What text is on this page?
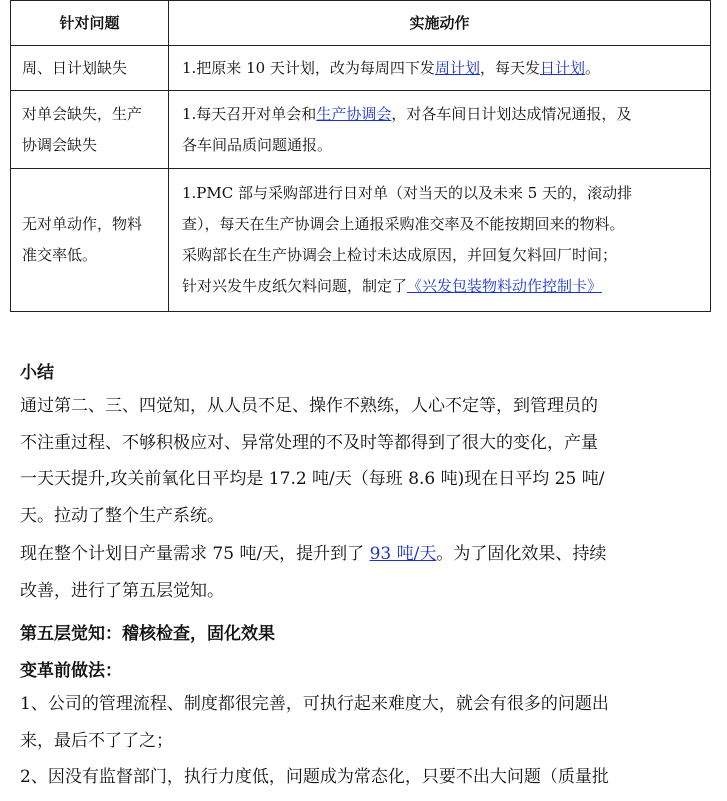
针对问题	实施动作

周、日计划缺失	1.把原来 10 天计划，改为每周四下发周计划，每天发日计划。

对单会缺失，生产
协调会缺失	1.每天召开对单会和生产协调会，对各车间日计划达成情况通报，及
各车间品质问题通报。

无对单动作，物料
准交率低。	1.PMC 部与采购部进行日对单（对当天的以及未来 5 天的，滚动排
查），每天在生产协调会上通报采购准交率及不能按期回来的物料。
采购部长在生产协调会上检讨未达成原因，并回复欠料回厂时间；
针对兴发牛皮纸欠料问题，制定了《兴发包装物料动作控制卡》
小结
通过第二、三、四觉知，从人员不足、操作不熟练，人心不定等，到管理员的
不注重过程、不够积极应对、异常处理的不及时等都得到了很大的变化，产量
一天天提升,攻关前氧化日平均是 17.2 吨/天（每班 8.6 吨)现在日平均 25 吨/
天。拉动了整个生产系统。
现在整个计划日产量需求 75 吨/天，提升到了 93 吨/天。为了固化效果、持续
改善，进行了第五层觉知。
第五层觉知：稽核检查，固化效果
变革前做法：
1、公司的管理流程、制度都很完善，可执行起来难度大，就会有很多的问题出
来，最后不了了之；
2、因没有监督部门，执行力度低，问题成为常态化，只要不出大问题（质量批
